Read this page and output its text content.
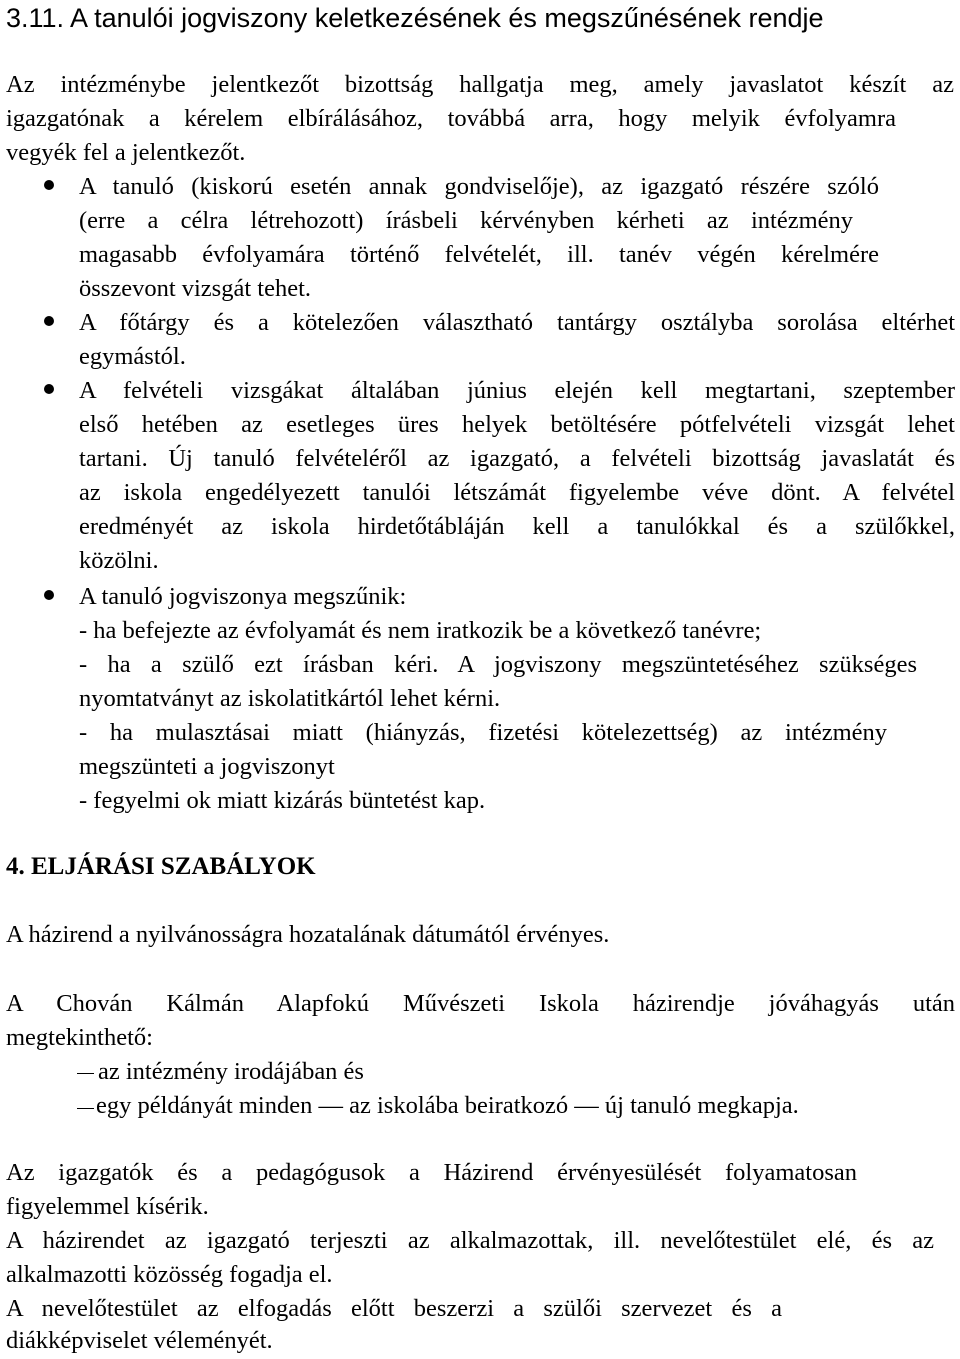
3.11. A tanulói jogviszony keletkezésének és megszűnésének rendje
Az intézménybe jelentkezőt bizottság hallgatja meg, amely javaslatot készít az
igazgatónak a kérelem elbírálásához, továbbá arra, hogy melyik évfolyamra
vegyék fel a jelentkezőt.
A tanuló (kiskorú esetén annak gondviselője), az igazgató részére szóló
(erre a célra létrehozott) írásbeli kérvényben kérheti az intézmény
magasabb évfolyamára történő felvételét, ill. tanév végén kérelmére
összevont vizsgát tehet.
A főtárgy és a kötelezően választható tantárgy osztályba sorolása eltérhet
egymástól.
A felvételi vizsgákat általában június elején kell megtartani, szeptember
első hetében az esetleges üres helyek betöltésére pótfelvételi vizsgát lehet
tartani. Új tanuló felvételéről az igazgató, a felvételi bizottság javaslatát és
az iskola engedélyezett tanulói létszámát figyelembe véve dönt. A felvétel
eredményét az iskola hirdetőtábláján kell a tanulókkal és a szülőkkel,
közölni.
A tanuló jogviszonya megszűnik:
- ha befejezte az évfolyamát és nem iratkozik be a következő tanévre;
- ha a szülő ezt írásban kéri. A jogviszony megszüntetéséhez szükséges
nyomtatványt az iskolatitkártól lehet kérni.
- ha mulasztásai miatt (hiányzás, fizetési kötelezettség) az intézmény
megszünteti a jogviszonyt
- fegyelmi ok miatt kizárás büntetést kap.
4. ELJÁRÁSI SZABÁLYOK
A házirend a nyilvánosságra hozatalának dátumától érvényes.
A Chován Kálmán Alapfokú Művészeti Iskola házirendje jóváhagyás után
megtekinthető:
az intézmény irodájában és
egy példányát minden — az iskolába beiratkozó — új tanuló megkapja.
Az igazgatók és a pedagógusok a Házirend érvényesülését folyamatosan
figyelemmel kísérik.
A házirendet az igazgató terjeszti az alkalmazottak, ill. nevelőtestület elé, és az
alkalmazotti közösség fogadja el.
A nevelőtestület az elfogadás előtt beszerzi a szülői szervezet és a
diákképviselet véleményét.
